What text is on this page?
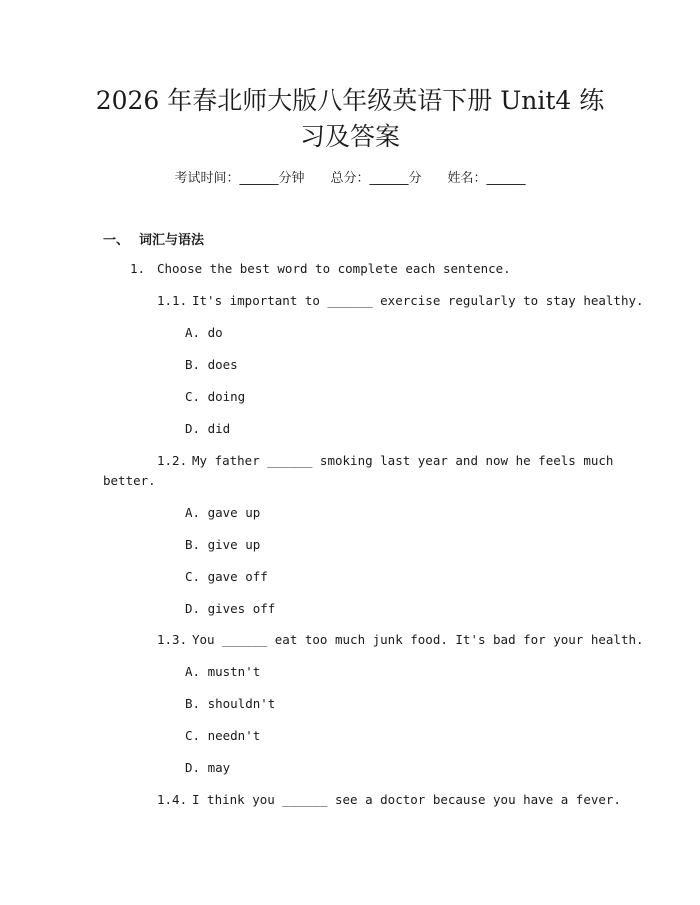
2026 年春北师大版八年级英语下册 Unit4 练
习及答案
考试时间：______分钟 总分：______分 姓名：______
一、 词汇与语法
1. Choose the best word to complete each sentence.
1.1. It's important to ______ exercise regularly to stay healthy.
A. do
B. does
C. doing
D. did
1.2. My father ______ smoking last year and now he feels much
better.
A. gave up
B. give up
C. gave off
D. gives off
1.3. You ______ eat too much junk food. It's bad for your health.
A. mustn't
B. shouldn't
C. needn't
D. may
1.4. I think you ______ see a doctor because you have a fever.
